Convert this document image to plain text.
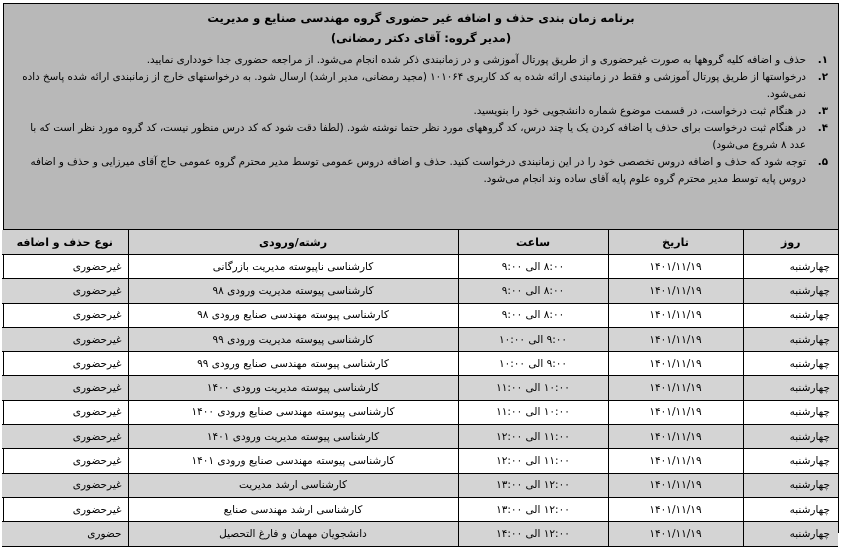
برنامه زمان بندی حذف و اضافه غیر حضوری گروه مهندسی صنایع و مدیریت
(مدیر گروه: آقای دکتر رمضانی)
۱.
حذف و اضافه کلیه گروهها به صورت غیرحضوری و از طریق پورتال آموزشی و در زمانبندی ذکر شده انجام می‌شود. از مراجعه حضوری جدا خودداری نمایید.
۲.
درخواستها از طریق پورتال آموزشی و فقط در زمانبندی ارائه شده به کد کاربری ۱۰۱۰۶۴ (مجید رمضانی، مدیر ارشد) ارسال شود. به درخواستهای خارج از زمانبندی ارائه شده پاسخ داده نمی‌شود.
۳.
در هنگام ثبت درخواست، در قسمت موضوع شماره دانشجویی خود را بنویسید.
۴.
در هنگام ثبت درخواست برای حذف یا اضافه کردن یک یا چند درس، کد گروههای مورد نظر حتما نوشته شود. (لطفا دقت شود که کد درس منظور نیست، کد گروه مورد نظر است که با عدد ۸ شروع می‌شود)
۵.
توجه شود که حذف و اضافه دروس تخصصی خود را در این زمانبندی درخواست کنید. حذف و اضافه دروس عمومی توسط مدیر محترم گروه عمومی حاج آقای میرزایی و حذف و اضافه دروس پایه توسط مدیر محترم گروه علوم پایه آقای ساده وند انجام می‌شود.
روز	تاریخ	ساعت	رشته/ورودی	نوع حذف و اضافه
چهارشنبه	۱۴۰۱/۱۱/۱۹	۸:۰۰ الی ۹:۰۰	کارشناسی ناپیوسته مدیریت بازرگانی	غیرحضوری
چهارشنبه	۱۴۰۱/۱۱/۱۹	۸:۰۰ الی ۹:۰۰	کارشناسی پیوسته مدیریت ورودی ۹۸	غیرحضوری
چهارشنبه	۱۴۰۱/۱۱/۱۹	۸:۰۰ الی ۹:۰۰	کارشناسی پیوسته مهندسی صنایع ورودی ۹۸	غیرحضوری
چهارشنبه	۱۴۰۱/۱۱/۱۹	۹:۰۰ الی ۱۰:۰۰	کارشناسی پیوسته مدیریت ورودی ۹۹	غیرحضوری
چهارشنبه	۱۴۰۱/۱۱/۱۹	۹:۰۰ الی ۱۰:۰۰	کارشناسی پیوسته مهندسی صنایع ورودی ۹۹	غیرحضوری
چهارشنبه	۱۴۰۱/۱۱/۱۹	۱۰:۰۰ الی ۱۱:۰۰	کارشناسی پیوسته مدیریت ورودی ۱۴۰۰	غیرحضوری
چهارشنبه	۱۴۰۱/۱۱/۱۹	۱۰:۰۰ الی ۱۱:۰۰	کارشناسی پیوسته مهندسی صنایع ورودی ۱۴۰۰	غیرحضوری
چهارشنبه	۱۴۰۱/۱۱/۱۹	۱۱:۰۰ الی ۱۲:۰۰	کارشناسی پیوسته مدیریت ورودی ۱۴۰۱	غیرحضوری
چهارشنبه	۱۴۰۱/۱۱/۱۹	۱۱:۰۰ الی ۱۲:۰۰	کارشناسی پیوسته مهندسی صنایع ورودی ۱۴۰۱	غیرحضوری
چهارشنبه	۱۴۰۱/۱۱/۱۹	۱۲:۰۰ الی ۱۳:۰۰	کارشناسی ارشد مدیریت	غیرحضوری
چهارشنبه	۱۴۰۱/۱۱/۱۹	۱۲:۰۰ الی ۱۳:۰۰	کارشناسی ارشد مهندسی صنایع	غیرحضوری
چهارشنبه	۱۴۰۱/۱۱/۱۹	۱۲:۰۰ الی ۱۴:۰۰	دانشجویان مهمان و فارغ التحصیل	حضوری
